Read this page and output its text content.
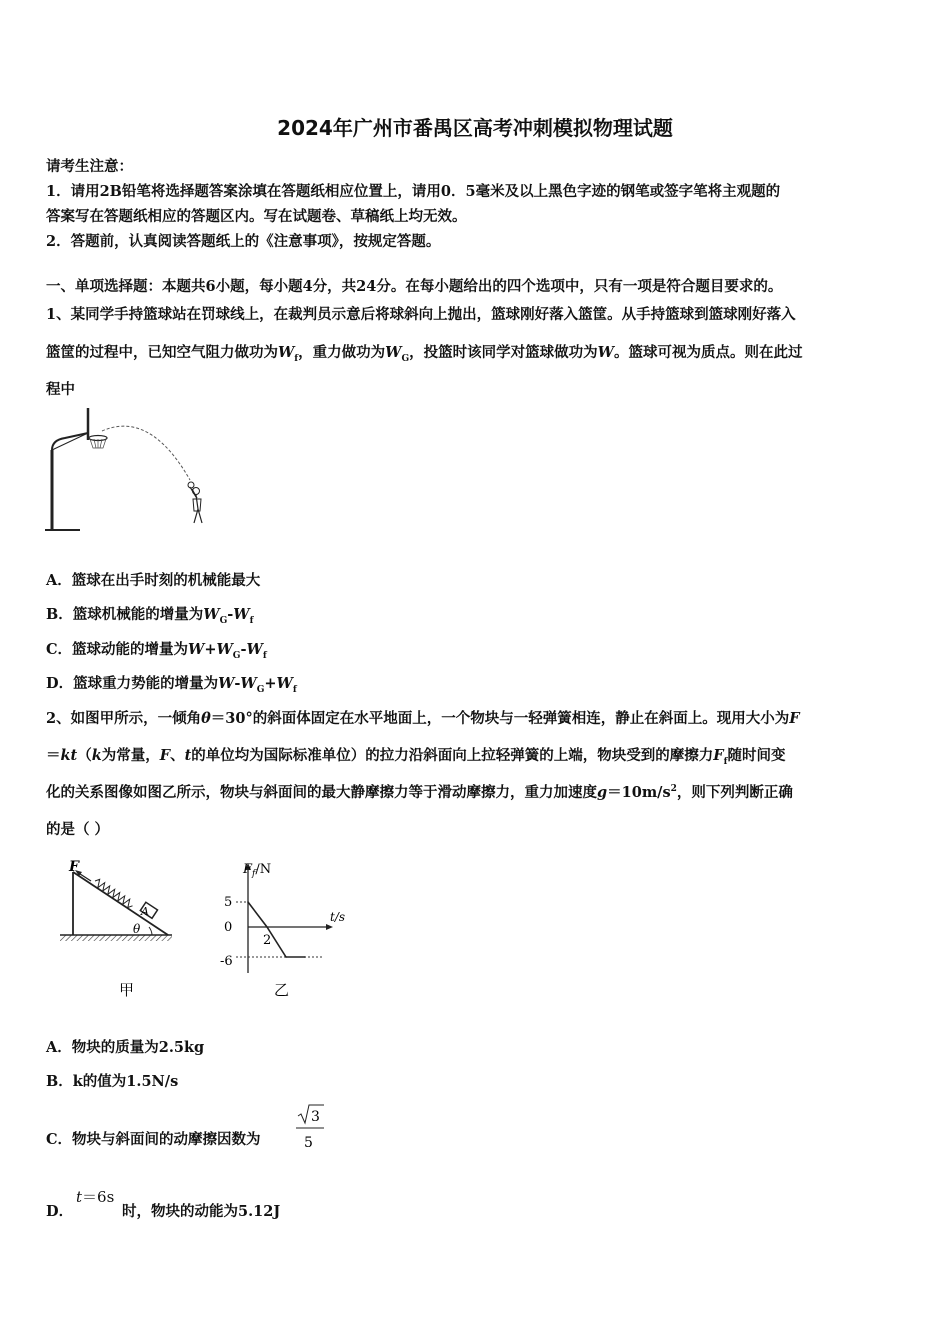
2024年广州市番禺区高考冲刺模拟物理试题
请考生注意：
1．请用2B铅笔将选择题答案涂填在答题纸相应位置上，请用0．5毫米及以上黑色字迹的钢笔或签字笔将主观题的
答案写在答题纸相应的答题区内。写在试题卷、草稿纸上均无效。
2．答题前，认真阅读答题纸上的《注意事项》，按规定答题。
一、单项选择题：本题共6小题，每小题4分，共24分。在每小题给出的四个选项中，只有一项是符合题目要求的。
1、某同学手持篮球站在罚球线上，在裁判员示意后将球斜向上抛出，篮球刚好落入篮筐。从手持篮球到篮球刚好落入
篮筐的过程中，已知空气阻力做功为$W_f$，重力做功为$W_G$，投篮时该同学对篮球做功为W。篮球可视为质点。则在此过
程中
A．篮球在出手时刻的机械能最大
B．篮球机械能的增量为$W_G-W_f$
C．篮球动能的增量为$W+W_G-W_f$
D．篮球重力势能的增量为$W-W_G+W_f$
2、如图甲所示，一倾角θ＝30°的斜面体固定在水平地面上，一个物块与一轻弹簧相连，静止在斜面上。现用大小为F
＝kt（k为常量，F、t的单位均为国际标准单位）的拉力沿斜面向上拉轻弹簧的上端，物块受到的摩擦力$F_f$随时间变
化的关系图像如图乙所示，物块与斜面间的最大静摩擦力等于滑动摩擦力，重力加速度$g=10m/s^2$，则下列判断正确
的是（ ）
F
A
θ
甲
$F_f/N$
t/s
5
0
-6
2
乙
A．物块的质量为2.5kg
B．k的值为1.5N/s
C．物块与斜面间的动摩擦因数为
3
5
D．
t＝6s
时，物块的动能为5.12J
